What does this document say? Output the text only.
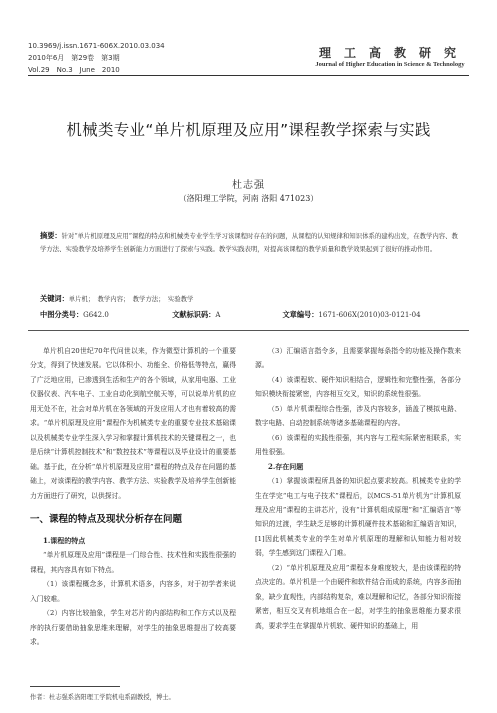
10.3969/j.issn.1671-606X.2010.03.034
2010年6月　第29卷　第3期
Vol.29　No.3　June　2010
理工高教研究
Journal of Higher Education in Science & Technology
机械类专业“单片机原理及应用”课程教学探索与实践
杜志强
（洛阳理工学院，河南 洛阳 471023）
摘要：针对“单片机原理及应用”课程的特点和机械类专业学生学习该课程时存在的问题，从课程的认知规律和知识体系的建构出发，在教学内容、教学方法、实验教学及培养学生创新能力方面进行了探索与实践。教学实践表明，对提高该课程的教学质量和教学效果起到了很好的推动作用。
关键词：单片机；　教学内容；　教学方法；　实验教学
中图分类号：G642.0	文献标识码：A	文章编号：1671-606X(2010)03-0121-04

单片机自20世纪70年代问世以来，作为微型计算机的一个重要分支，得到了快速发展。它以体积小、功能全、价格低等特点，赢得了广泛地应用，已渗透到生活和生产的各个领域，从家用电器、工业仪器仪表、汽车电子、工业自动化到航空航天等，可以说单片机的应用无处不在，社会对单片机在各领域的开发应用人才也有着较高的需求。“单片机原理及应用”课程作为机械类专业的重要专业技术基础课以及机械类专业学生深入学习和掌握计算机技术的关键课程之一，也是后续“计算机控制技术”和“数控技术”等课程以及毕业设计的重要基础。基于此，在分析“单片机原理及应用”课程的特点及存在问题的基础上，对该课程的教学内容、教学方法、实验教学及培养学生创新能力方面进行了研究，以供探讨。

一、课程的特点及现状分析存在问题

1.课程的特点

“单片机原理及应用”课程是一门综合性、技术性和实践性很强的课程，其内容具有如下特点。

（1）该课程概念多，计算机术语多，内容多，对于初学者来说入门较难。

（2）内容比较抽象，学生对芯片的内部结构和工作方式以及程序的执行要借助抽象思维来理解，对学生的抽象思维提出了较高要求。

（3）汇编语言指令多，且需要掌握每条指令的功能及操作数来源。

（4）该课程软、硬件知识相结合，逻辑性和完整性强，各部分知识模块衔接紧密，内容相互交叉，知识的系统性很强。

（5）单片机课程综合性强，涉及内容较多，涵盖了模拟电路、数字电路、自动控制系统等诸多基础课程的内容。

（6）该课程的实践性很强，其内容与工程实际紧密相联系，实用性很强。

2.存在问题

（1）掌握该课程所具备的知识起点要求较高。机械类专业的学生在学完“电工与电子技术”课程后，以MCS-51单片机为“计算机原理及应用”课程的主讲芯片，没有“计算机组成原理”和“汇编语言”等知识的过渡，学生缺乏足够的计算机硬件技术基础和汇编语言知识，[1]因此机械类专业的学生对单片机原理的理解和认知能力相对较弱，学生感到这门课程入门难。

（2）“单片机原理及应用”课程本身难度较大，是由该课程的特点决定的。单片机是一个由硬件和软件结合而成的系统，内容多而抽象，缺少直观性，内部结构复杂，难以理解和记忆，各部分知识衔接紧密，相互交叉有机地组合在一起，对学生的抽象思维能力要求很高，要求学生在掌握单片机软、硬件知识的基础上，用

作者：杜志强系洛阳理工学院机电系副教授，博士。
